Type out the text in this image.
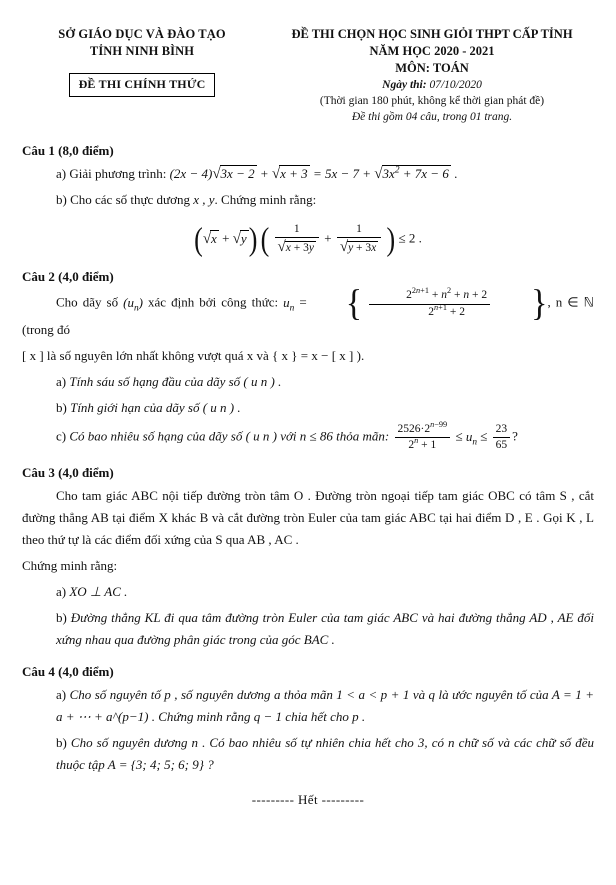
SỞ GIÁO DỤC VÀ ĐÀO TẠO
TỈNH NINH BÌNH
ĐỀ THI CHÍNH THỨC
ĐỀ THI CHỌN HỌC SINH GIỎI THPT CẤP TỈNH
NĂM HỌC 2020 - 2021
MÔN: TOÁN
Ngày thi: 07/10/2020
(Thời gian 180 phút, không kể thời gian phát đề)
Đề thi gồm 04 câu, trong 01 trang.
Câu 1 (8,0 điểm)
a) Giải phương trình: $(2x - 4)√3x - 2 + √x + 3 = 5x - 7 + √3x^2 + 7x - 6$ .
b) Cho các số thực dương x , y. Chứng minh rằng:
(√x + √y) ( $\frac{1}{√x + 3y} + \frac{1}{√y + 3x}$ ) ≤ 2 .
Câu 2 (4,0 điểm)
Cho dãy số $(u_n)$ xác định bởi công thức: $u_n$ = { $\frac{2^{2n+1} + n^2 + n + 2}{2^{n+1} + 2}$ }, n ∈ ℕ (trong đó
[ x ] là số nguyên lớn nhất không vượt quá x và { x } = x − [ x ] ).
a) Tính sáu số hạng đầu của dãy số ( u n ) .
b) Tính giới hạn của dãy số ( u n ) .
c) Có bao nhiêu số hạng của dãy số ( u n ) với n ≤ 86 thỏa mãn: $\frac{2526\cdot 2^{n-99}}{2^n + 1} \le u_n \le \frac{23}{65}$ ?
Câu 3 (4,0 điểm)
Cho tam giác ABC nội tiếp đường tròn tâm O . Đường tròn ngoại tiếp tam giác OBC có tâm S , cắt đường thẳng AB tại điểm X khác B và cắt đường tròn Euler của tam giác ABC tại hai điểm D , E . Gọi K , L theo thứ tự là các điểm đối xứng của S qua AB , AC .
Chứng minh rằng:
a) XO ⊥ AC .
b) Đường thẳng KL đi qua tâm đường tròn Euler của tam giác ABC và hai đường thẳng AD , AE đối xứng nhau qua đường phân giác trong của góc BAC .
Câu 4 (4,0 điểm)
a) Cho số nguyên tố p , số nguyên dương a thỏa mãn 1 < a < p + 1 và q là ước nguyên tố của A = 1 + a + ⋯ + a^(p−1) . Chứng minh rằng q − 1 chia hết cho p .
b) Cho số nguyên dương n . Có bao nhiêu số tự nhiên chia hết cho 3, có n chữ số và các chữ số đều thuộc tập A = {3; 4; 5; 6; 9} ?
--------- Hết ---------
